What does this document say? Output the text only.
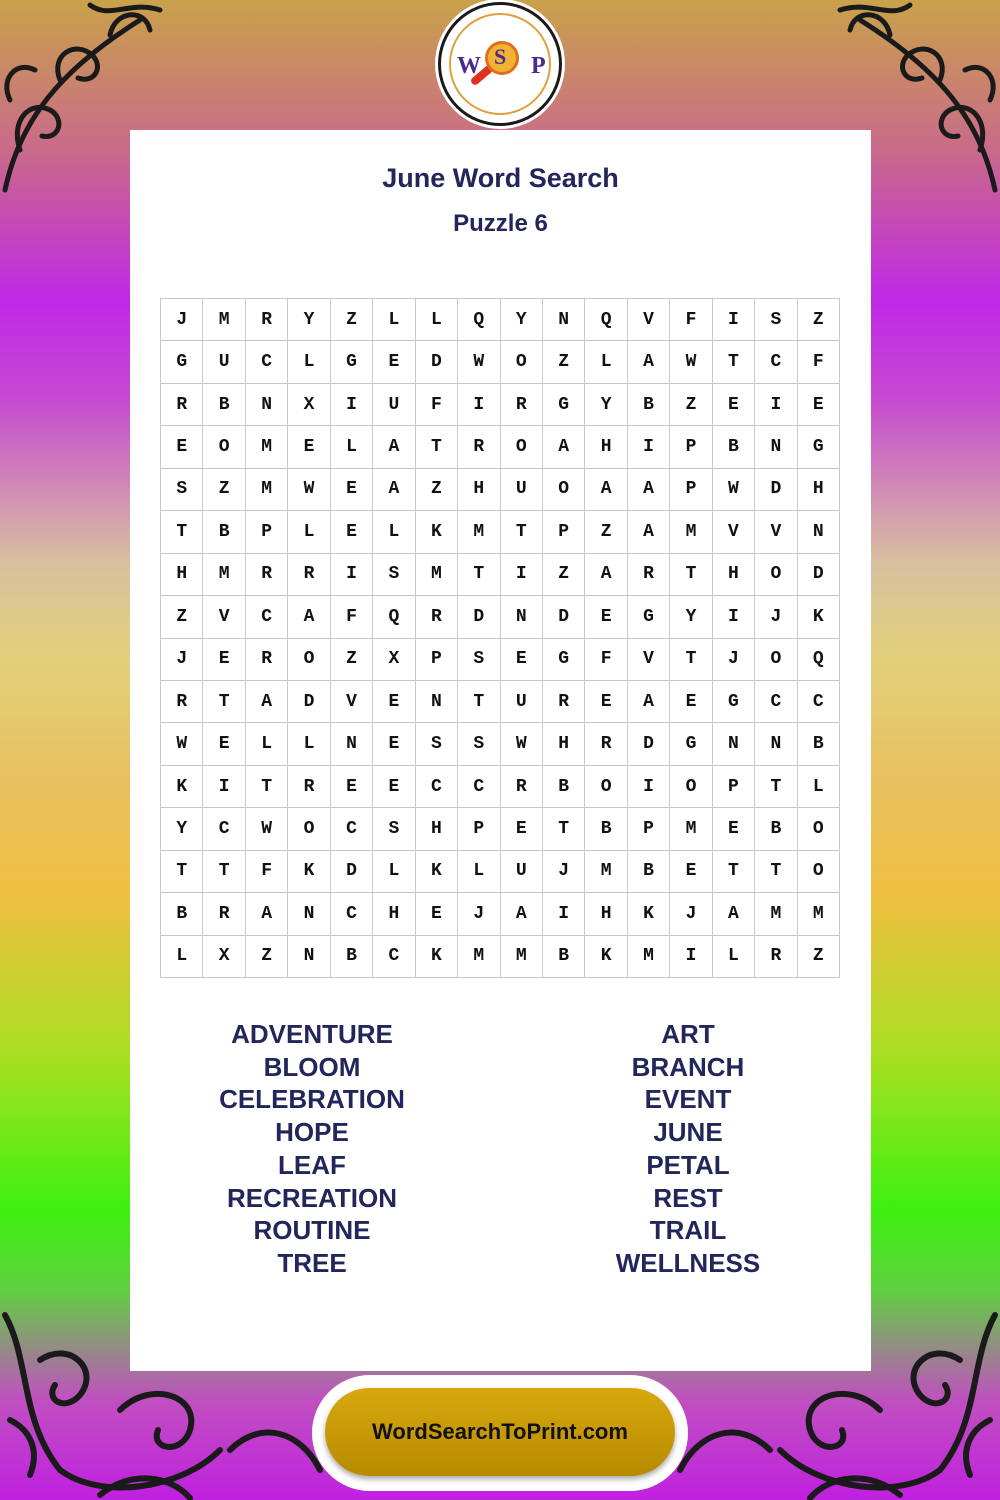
W S P
June Word Search
Puzzle 6
J	M	R	Y	Z	L	L	Q	Y	N	Q	V	F	I	S	Z
G	U	C	L	G	E	D	W	O	Z	L	A	W	T	C	F
R	B	N	X	I	U	F	I	R	G	Y	B	Z	E	I	E
E	O	M	E	L	A	T	R	O	A	H	I	P	B	N	G
S	Z	M	W	E	A	Z	H	U	O	A	A	P	W	D	H
T	B	P	L	E	L	K	M	T	P	Z	A	M	V	V	N
H	M	R	R	I	S	M	T	I	Z	A	R	T	H	O	D
Z	V	C	A	F	Q	R	D	N	D	E	G	Y	I	J	K
J	E	R	O	Z	X	P	S	E	G	F	V	T	J	O	Q
R	T	A	D	V	E	N	T	U	R	E	A	E	G	C	C
W	E	L	L	N	E	S	S	W	H	R	D	G	N	N	B
K	I	T	R	E	E	C	C	R	B	O	I	O	P	T	L
Y	C	W	O	C	S	H	P	E	T	B	P	M	E	B	O
T	T	F	K	D	L	K	L	U	J	M	B	E	T	T	O
B	R	A	N	C	H	E	J	A	I	H	K	J	A	M	M
L	X	Z	N	B	C	K	M	M	B	K	M	I	L	R	Z
ADVENTURE
BLOOM
CELEBRATION
HOPE
LEAF
RECREATION
ROUTINE
TREE
ART
BRANCH
EVENT
JUNE
PETAL
REST
TRAIL
WELLNESS
WordSearchToPrint.com
